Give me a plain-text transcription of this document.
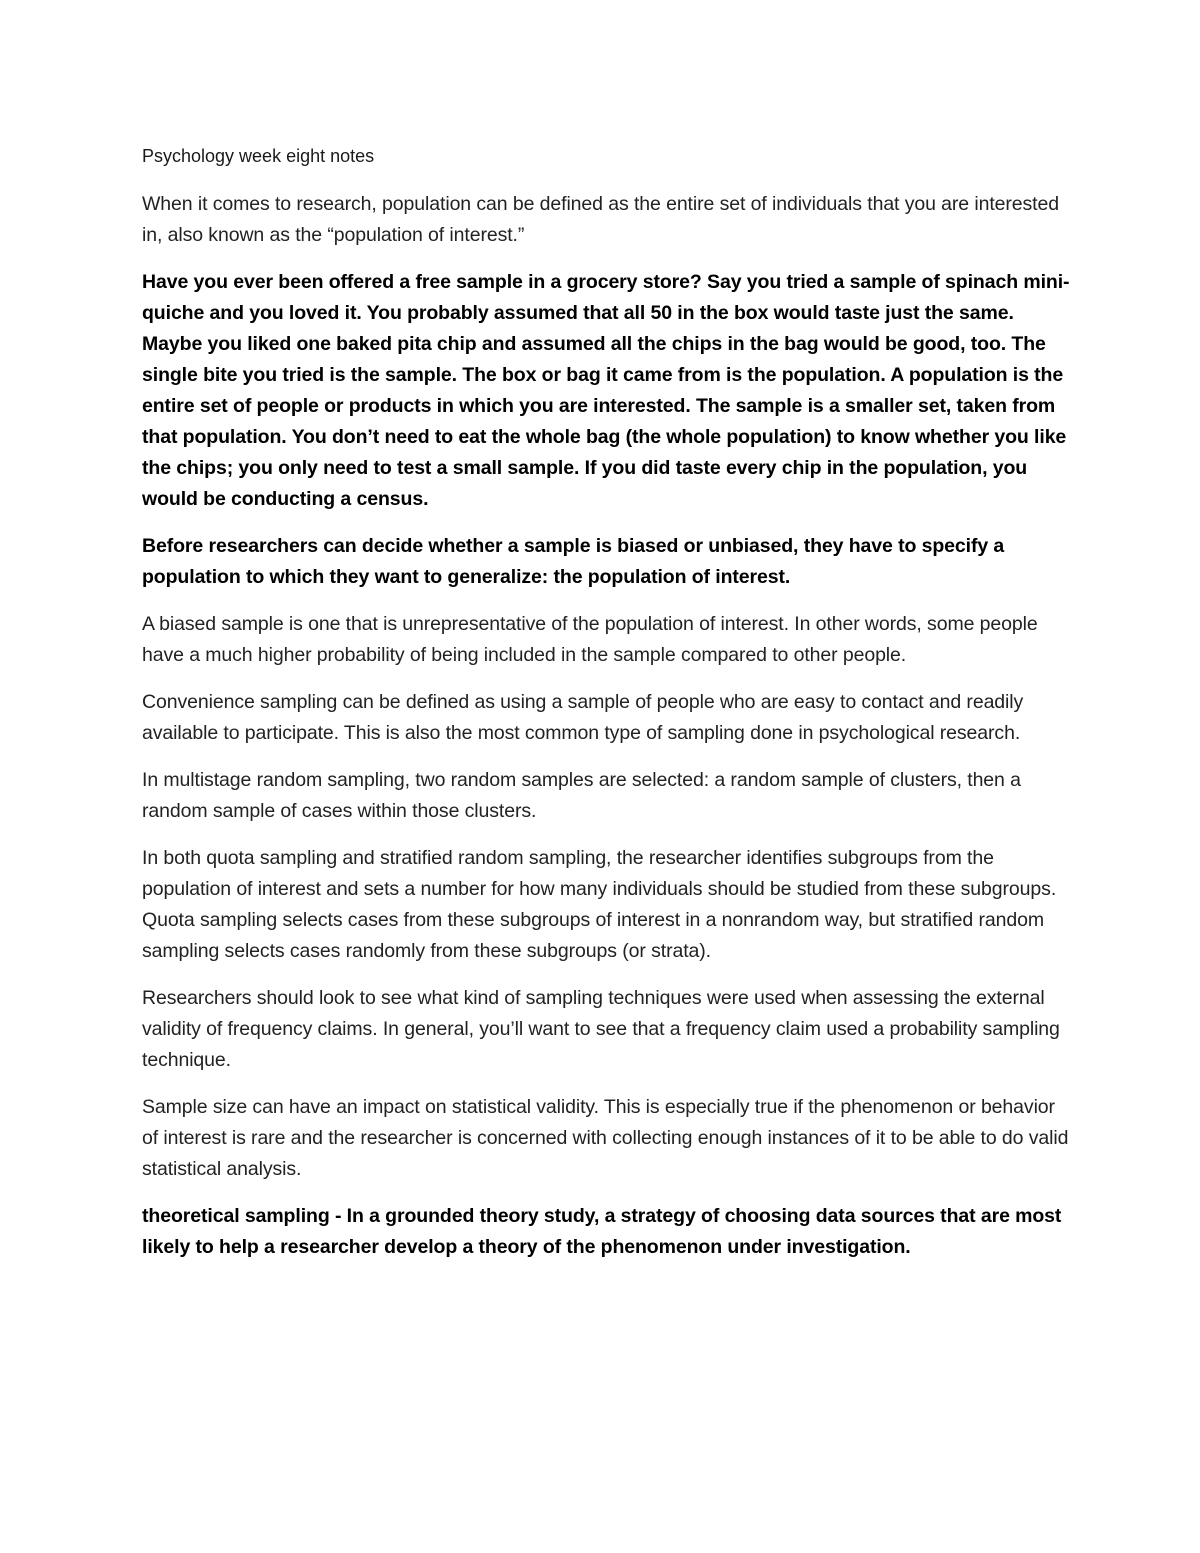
Psychology week eight notes

When it comes to research, population can be defined as the entire set of individuals that you are interested in, also known as the “population of interest.”

Have you ever been offered a free sample in a grocery store? Say you tried a sample of spinach mini-quiche and you loved it. You probably assumed that all 50 in the box would taste just the same. Maybe you liked one baked pita chip and assumed all the chips in the bag would be good, too. The single bite you tried is the sample. The box or bag it came from is the population. A population is the entire set of people or products in which you are interested. The sample is a smaller set, taken from that population. You don’t need to eat the whole bag (the whole population) to know whether you like the chips; you only need to test a small sample. If you did taste every chip in the population, you would be conducting a census.

Before researchers can decide whether a sample is biased or unbiased, they have to specify a population to which they want to generalize: the population of interest.

A biased sample is one that is unrepresentative of the population of interest. In other words, some people have a much higher probability of being included in the sample compared to other people.

Convenience sampling can be defined as using a sample of people who are easy to contact and readily available to participate. This is also the most common type of sampling done in psychological research.

In multistage random sampling, two random samples are selected: a random sample of clusters, then a random sample of cases within those clusters.

In both quota sampling and stratified random sampling, the researcher identifies subgroups from the population of interest and sets a number for how many individuals should be studied from these subgroups. Quota sampling selects cases from these subgroups of interest in a nonrandom way, but stratified random sampling selects cases randomly from these subgroups (or strata).

Researchers should look to see what kind of sampling techniques were used when assessing the external validity of frequency claims. In general, you’ll want to see that a frequency claim used a probability sampling technique.

Sample size can have an impact on statistical validity. This is especially true if the phenomenon or behavior of interest is rare and the researcher is concerned with collecting enough instances of it to be able to do valid statistical analysis.

theoretical sampling - In a grounded theory study, a strategy of choosing data sources that are most likely to help a researcher develop a theory of the phenomenon under investigation.
